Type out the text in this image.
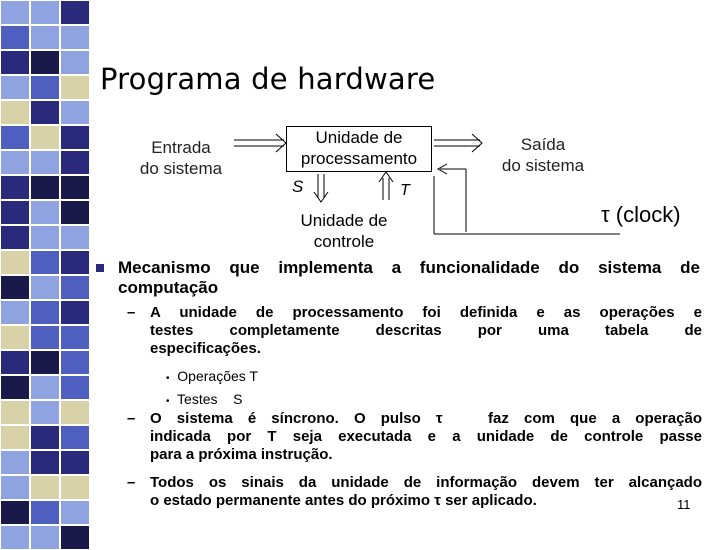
Programa de hardware
Entrada
do sistema
Unidade de
processamento
Saída
do sistema
S	T
Unidade de
controle
τ (clock)
Mecanismo que implementa a funcionalidade do sistema de
computação
– A unidade de processamento foi definida e as operações e
testes completamente descritas por uma tabela de
especificações.
• Operações T
• Testes    S
– O sistema é síncrono. O pulso τ   faz com que a operação
indicada por T seja executada e a unidade de controle passe
para a próxima instrução.
– Todos os sinais da unidade de informação devem ter alcançado
o estado permanente antes do próximo τ ser aplicado.	11
